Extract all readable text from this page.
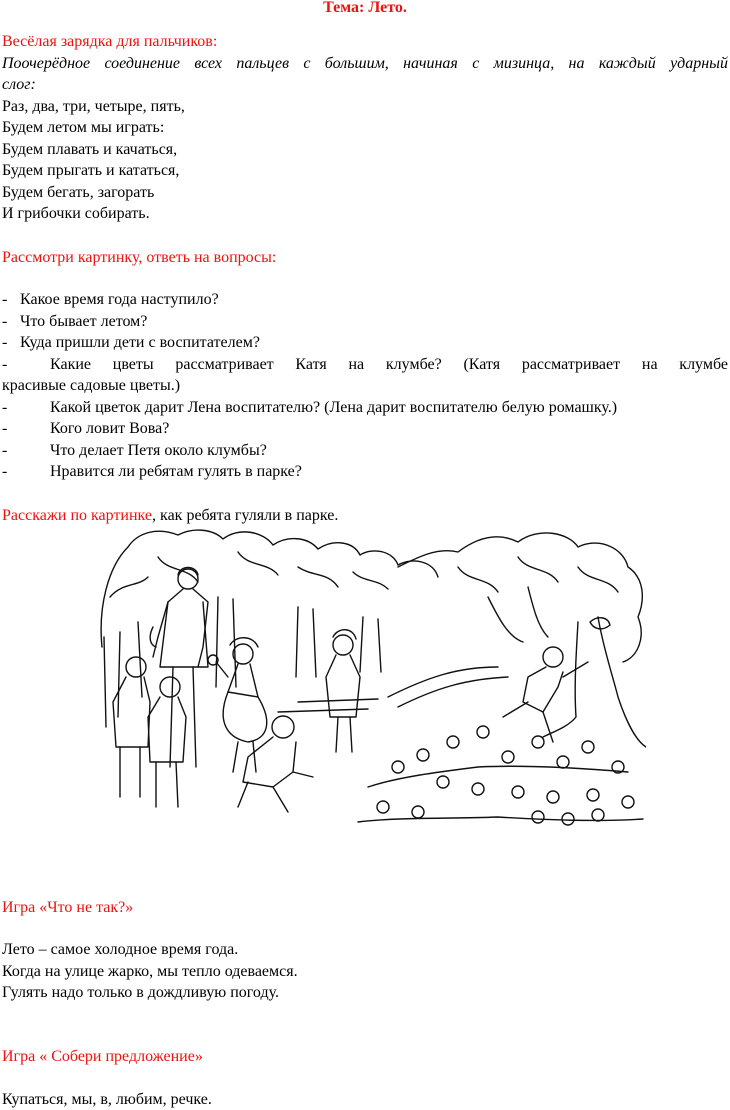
Тема: Лето.
Весёлая зарядка для пальчиков:
Поочерёдное соединение всех пальцев с большим, начиная с мизинца, на каждый ударный
слог:
Раз, два, три, четыре, пять,
Будем летом мы играть:
Будем плавать и качаться,
Будем прыгать и кататься,
Будем бегать, загорать
И грибочки собирать.
Рассмотри картинку, ответь на вопросы:
- Какое время года наступило?
- Что бывает летом?
- Куда пришли дети с воспитателем?
-	Какие цветы рассматривает Катя на клумбе? (Катя рассматривает на клумбе
красивые садовые цветы.)
-	Какой цветок дарит Лена воспитателю? (Лена дарит воспитателю белую ромашку.)
-	Кого ловит Вова?
-	Что делает Петя около клумбы?
-	Нравится ли ребятам гулять в парке?
Расскажи по картинке, как ребята гуляли в парке.
Игра «Что не так?»
Лето – самое холодное время года.
Когда на улице жарко, мы тепло одеваемся.
Гулять надо только в дождливую погоду.
Игра « Собери предложение»
Купаться, мы, в, любим, речке.
